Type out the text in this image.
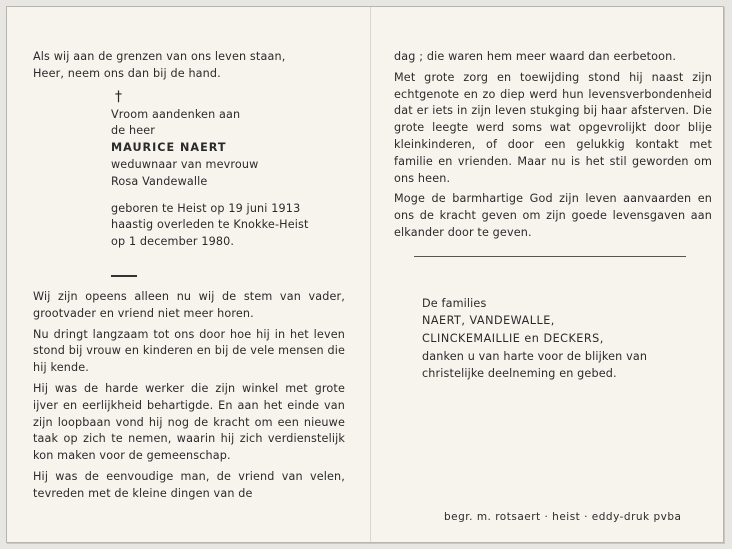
Als wij aan de grenzen van ons leven staan,

Heer, neem ons dan bij de hand.

†

Vroom aandenken aan

de heer

MAURICE NAERT

weduwnaar van mevrouw

Rosa Vandewalle

geboren te Heist op 19 juni 1913

haastig overleden te Knokke-Heist

op 1 december 1980.

Wij zijn opeens alleen nu wij de stem van vader, grootvader en vriend niet meer horen.

Nu dringt langzaam tot ons door hoe hij in het leven stond bij vrouw en kinderen en bij de vele mensen die hij kende.

Hij was de harde werker die zijn winkel met grote ijver en eerlijkheid behartigde. En aan het einde van zijn loopbaan vond hij nog de kracht om een nieuwe taak op zich te nemen, waarin hij zich verdienstelijk kon maken voor de gemeenschap.

Hij was de eenvoudige man, de vriend van velen, tevreden met de kleine dingen van de

dag ; die waren hem meer waard dan eerbetoon.

Met grote zorg en toewijding stond hij naast zijn echtgenote en zo diep werd hun levensverbondenheid dat er iets in zijn leven stukging bij haar afsterven. Die grote leegte werd soms wat opgevrolijkt door blije kleinkinderen, of door een gelukkig kontakt met familie en vrienden. Maar nu is het stil geworden om ons heen.

Moge de barmhartige God zijn leven aanvaarden en ons de kracht geven om zijn goede levensgaven aan elkander door te geven.

De families

NAERT, VANDEWALLE,

CLINCKEMAILLIE en DECKERS,

danken u van harte voor de blijken van

christelijke deelneming en gebed.

begr. m. rotsaert · heist · eddy-druk pvba
